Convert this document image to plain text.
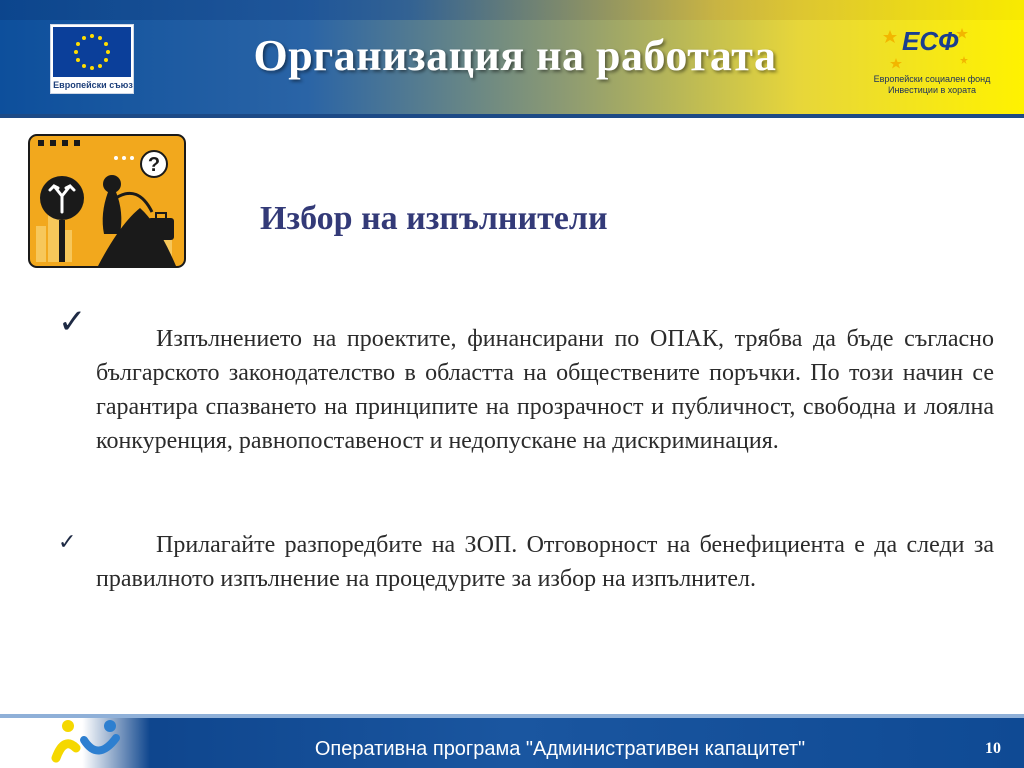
Европейски съюз
Организация на работата	ЕСФ
Европейски социален фонд
Инвестиции в хората
?
Избор на изпълнители
✓	Изпълнението на проектите, финансирани по ОПАК, трябва да бъде съгласно българското законодателство в областта на обществените поръчки. По този начин се гарантира спазването на принципите на прозрачност и публичност, свободна и лоялна конкуренция, равнопоставеност и недопускане на дискриминация.

✓	Прилагайте разпоредбите на ЗОП. Отговорност на бенефициента е да следи за правилното изпълнение на процедурите за избор на изпълнител.

Оперативна програма "Административен капацитет"	10
